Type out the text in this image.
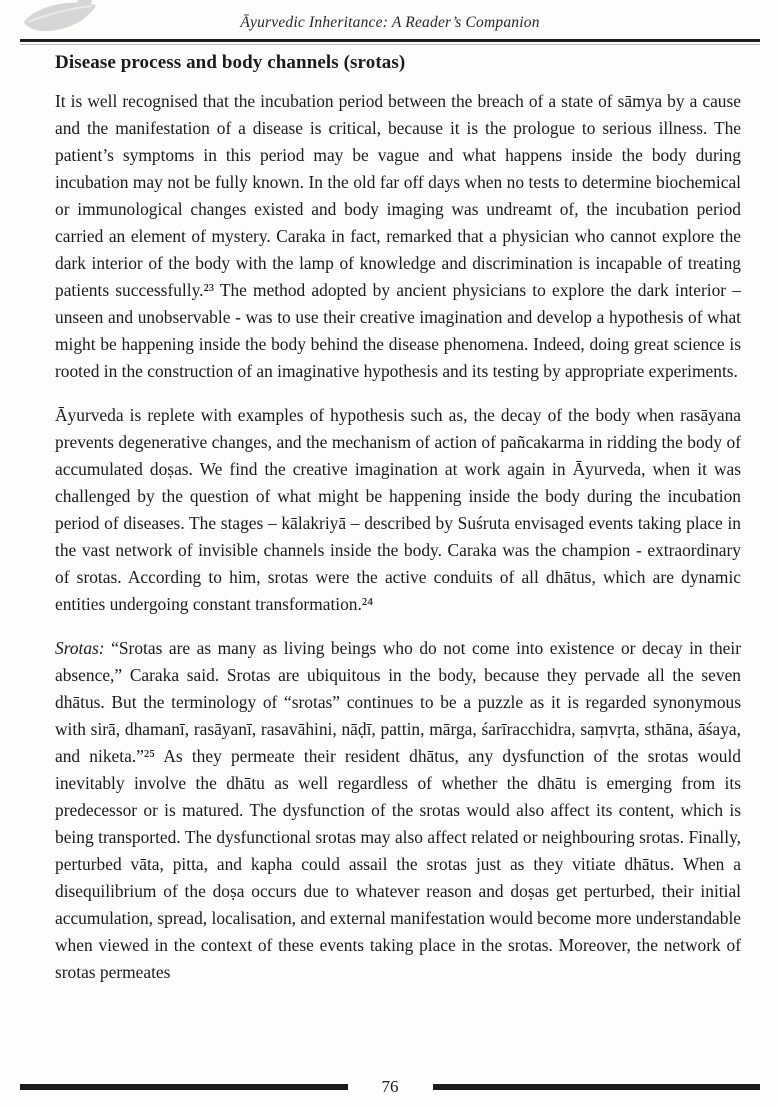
Āyurvedic Inheritance: A Reader’s Companion
Disease process and body channels (srotas)

It is well recognised that the incubation period between the breach of a state of sāmya by a cause and the manifestation of a disease is critical, because it is the prologue to serious illness. The patient’s symptoms in this period may be vague and what happens inside the body during incubation may not be fully known. In the old far off days when no tests to determine biochemical or immunological changes existed and body imaging was undreamt of, the incubation period carried an element of mystery. Caraka in fact, remarked that a physician who cannot explore the dark interior of the body with the lamp of knowledge and discrimination is incapable of treating patients successfully.²³ The method adopted by ancient physicians to explore the dark interior –unseen and unobservable - was to use their creative imagination and develop a hypothesis of what might be happening inside the body behind the disease phenomena. Indeed, doing great science is rooted in the construction of an imaginative hypothesis and its testing by appropriate experiments.

Āyurveda is replete with examples of hypothesis such as, the decay of the body when rasāyana prevents degenerative changes, and the mechanism of action of pañcakarma in ridding the body of accumulated doṣas. We find the creative imagination at work again in Āyurveda, when it was challenged by the question of what might be happening inside the body during the incubation period of diseases. The stages – kālakriyā – described by Suśruta envisaged events taking place in the vast network of invisible channels inside the body. Caraka was the champion - extraordinary of srotas. According to him, srotas were the active conduits of all dhātus, which are dynamic entities undergoing constant transformation.²⁴

Srotas: “Srotas are as many as living beings who do not come into existence or decay in their absence,” Caraka said. Srotas are ubiquitous in the body, because they pervade all the seven dhātus. But the terminology of “srotas” continues to be a puzzle as it is regarded synonymous with sirā, dhamanī, rasāyanī, rasavāhini, nāḍī, pattin, mārga, śarīracchidra, saṃvṛta, sthāna, āśaya, and niketa.”²⁵ As they permeate their resident dhātus, any dysfunction of the srotas would inevitably involve the dhātu as well regardless of whether the dhātu is emerging from its predecessor or is matured. The dysfunction of the srotas would also affect its content, which is being transported. The dysfunctional srotas may also affect related or neighbouring srotas. Finally, perturbed vāta, pitta, and kapha could assail the srotas just as they vitiate dhātus. When a disequilibrium of the doṣa occurs due to whatever reason and doṣas get perturbed, their initial accumulation, spread, localisation, and external manifestation would become more understandable when viewed in the context of these events taking place in the srotas. Moreover, the network of srotas permeates

76
